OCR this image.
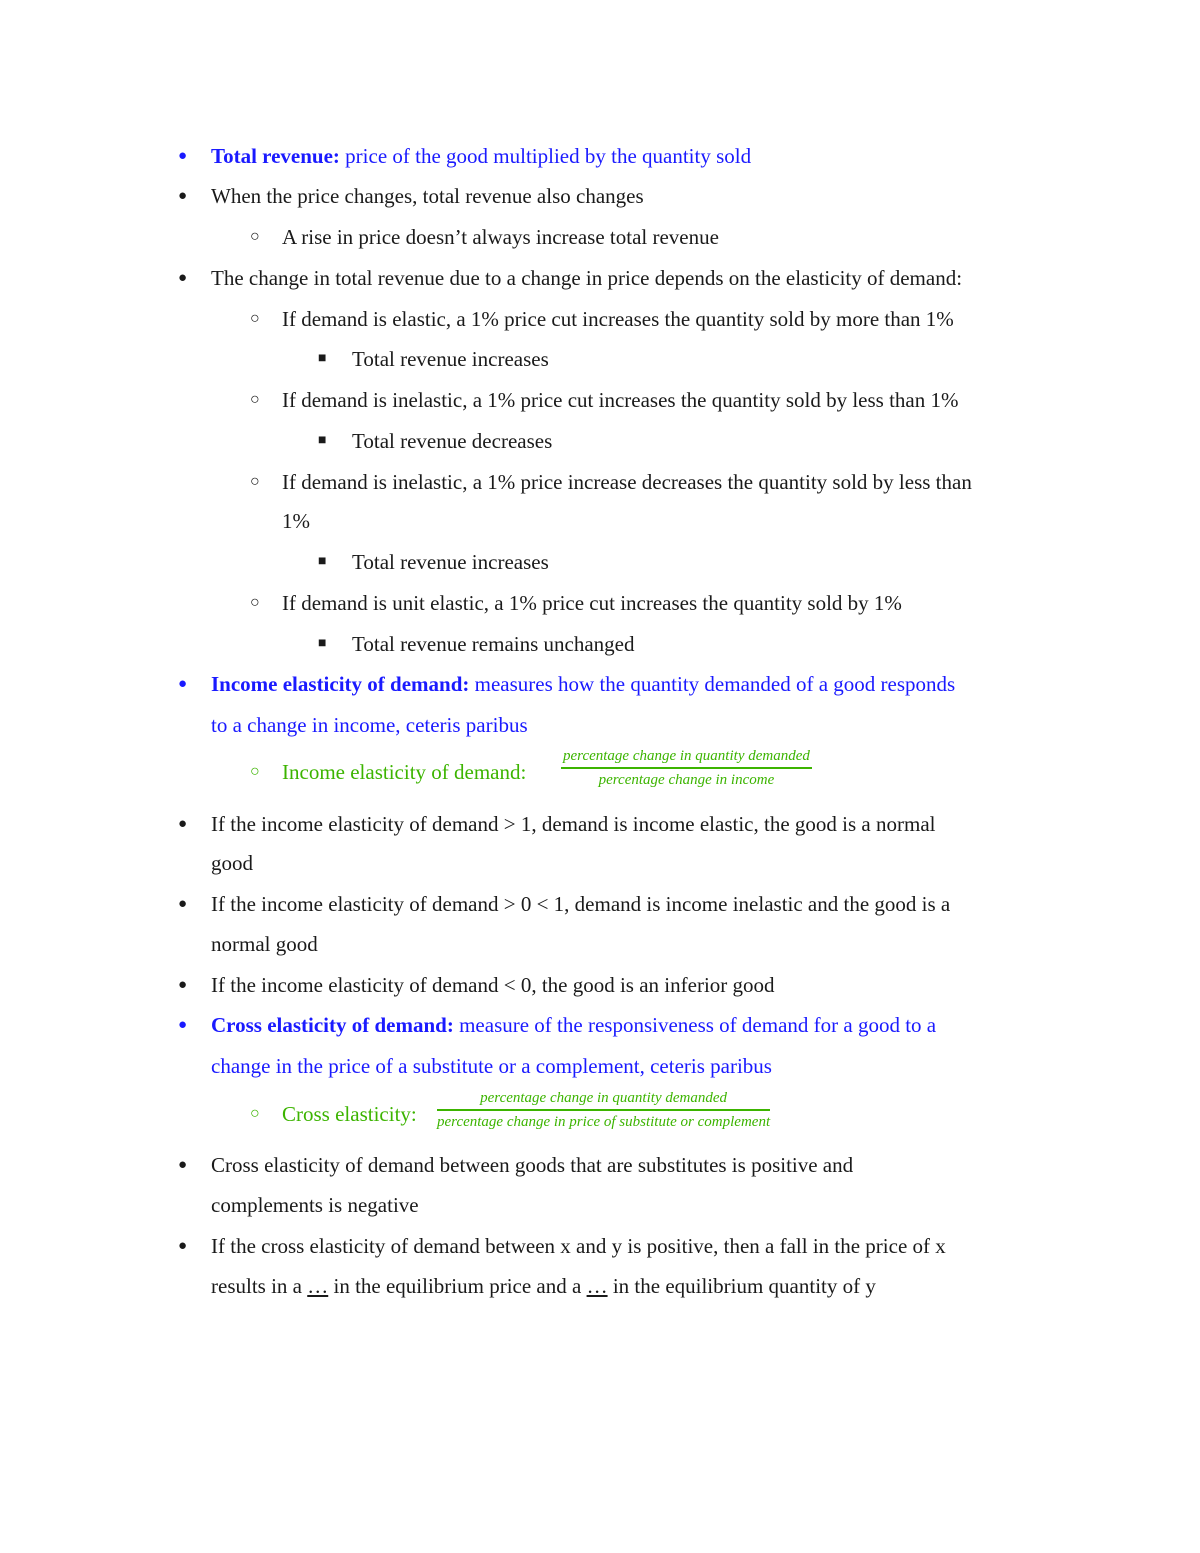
● Total revenue: price of the good multiplied by the quantity sold
● When the price changes, total revenue also changes
○ A rise in price doesn’t always increase total revenue
● The change in total revenue due to a change in price depends on the elasticity of demand:
○ If demand is elastic, a 1% price cut increases the quantity sold by more than 1%
■ Total revenue increases
○ If demand is inelastic, a 1% price cut increases the quantity sold by less than 1%
■ Total revenue decreases
○ If demand is inelastic, a 1% price increase decreases the quantity sold by less than
1%
■ Total revenue increases
○ If demand is unit elastic, a 1% price cut increases the quantity sold by 1%
■ Total revenue remains unchanged
● Income elasticity of demand: measures how the quantity demanded of a good responds
to a change in income, ceteris paribus
○ Income elasticity of demand: $\frac{\text{percentage change in quantity demanded}}{\text{percentage change in income}}$
● If the income elasticity of demand > 1, demand is income elastic, the good is a normal
good
● If the income elasticity of demand > 0 < 1, demand is income inelastic and the good is a
normal good
● If the income elasticity of demand < 0, the good is an inferior good
● Cross elasticity of demand: measure of the responsiveness of demand for a good to a
change in the price of a substitute or a complement, ceteris paribus
○ Cross elasticity: $\frac{\text{percentage change in quantity demanded}}{\text{percentage change in price of substitute or complement}}$
● Cross elasticity of demand between goods that are substitutes is positive and
complements is negative
● If the cross elasticity of demand between x and y is positive, then a fall in the price of x
results in a … in the equilibrium price and a … in the equilibrium quantity of y
